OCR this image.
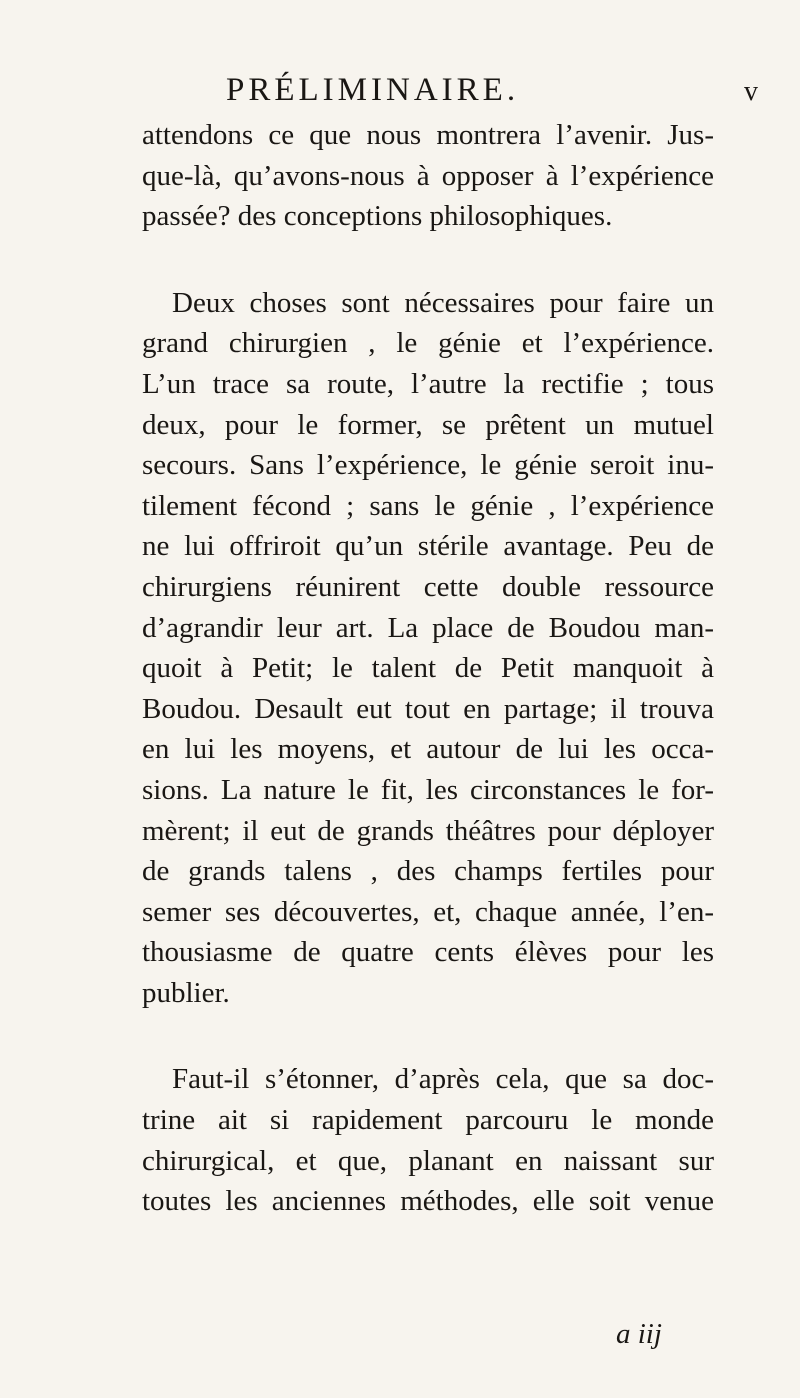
PRÉLIMINAIRE.	v
attendons ce que nous montrera l’avenir. Jus-
que-là, qu’avons-nous à opposer à l’expérience
passée? des conceptions philosophiques.
Deux choses sont nécessaires pour faire un
grand chirurgien , le génie et l’expérience.
L’un trace sa route, l’autre la rectifie ; tous
deux, pour le former, se prêtent un mutuel
secours. Sans l’expérience, le génie seroit inu-
tilement fécond ; sans le génie , l’expérience
ne lui offriroit qu’un stérile avantage. Peu de
chirurgiens réunirent cette double ressource
d’agrandir leur art. La place de Boudou man-
quoit à Petit; le talent de Petit manquoit à
Boudou. Desault eut tout en partage; il trouva
en lui les moyens, et autour de lui les occa-
sions. La nature le fit, les circonstances le for-
mèrent; il eut de grands théâtres pour déployer
de grands talens , des champs fertiles pour
semer ses découvertes, et, chaque année, l’en-
thousiasme de quatre cents élèves pour les
publier.
Faut-il s’étonner, d’après cela, que sa doc-
trine ait si rapidement parcouru le monde
chirurgical, et que, planant en naissant sur
toutes les anciennes méthodes, elle soit venue
a iij
